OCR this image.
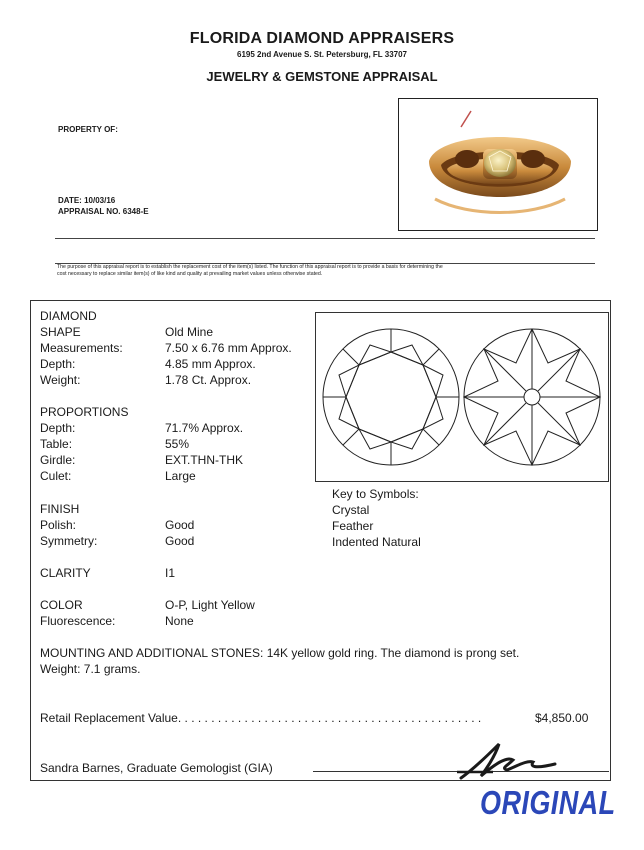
FLORIDA DIAMOND APPRAISERS
6195 2nd Avenue S. St. Petersburg, FL 33707
JEWELRY & GEMSTONE APPRAISAL
PROPERTY OF:
DATE: 10/03/16
APPRAISAL NO. 6348-E
The purpose of this appraisal report is to establish the replacement cost of the item(s) listed. The function of this appraisal report is to provide a basis for determining the
cost necessary to replace similar item(s) of like kind and quality at prevailing market values unless otherwise stated.
DIAMOND
SHAPE	Old Mine
Measurements:	7.50 x 6.76 mm Approx.
Depth:	4.85 mm Approx.
Weight:	1.78 Ct. Approx.
PROPORTIONS
Depth:	71.7% Approx.
Table:	55%
Girdle:	EXT.THN-THK
Culet:	Large
Key to Symbols:
Crystal
Feather
Indented Natural
FINISH
Polish:	Good
Symmetry:	Good
CLARITY	I1
COLOR	O-P, Light Yellow
Fluorescence:	None
MOUNTING AND ADDITIONAL STONES: 14K yellow gold ring. The diamond is prong set.
Weight: 7.1 grams.
Retail Replacement Value. . . . . . . . . . . . . . . . . . . . . . . . . . . . . . . . . . . . . . . . . . . . . .	$4,850.00
Sandra Barnes, Graduate Gemologist (GIA)
ORIGINAL
